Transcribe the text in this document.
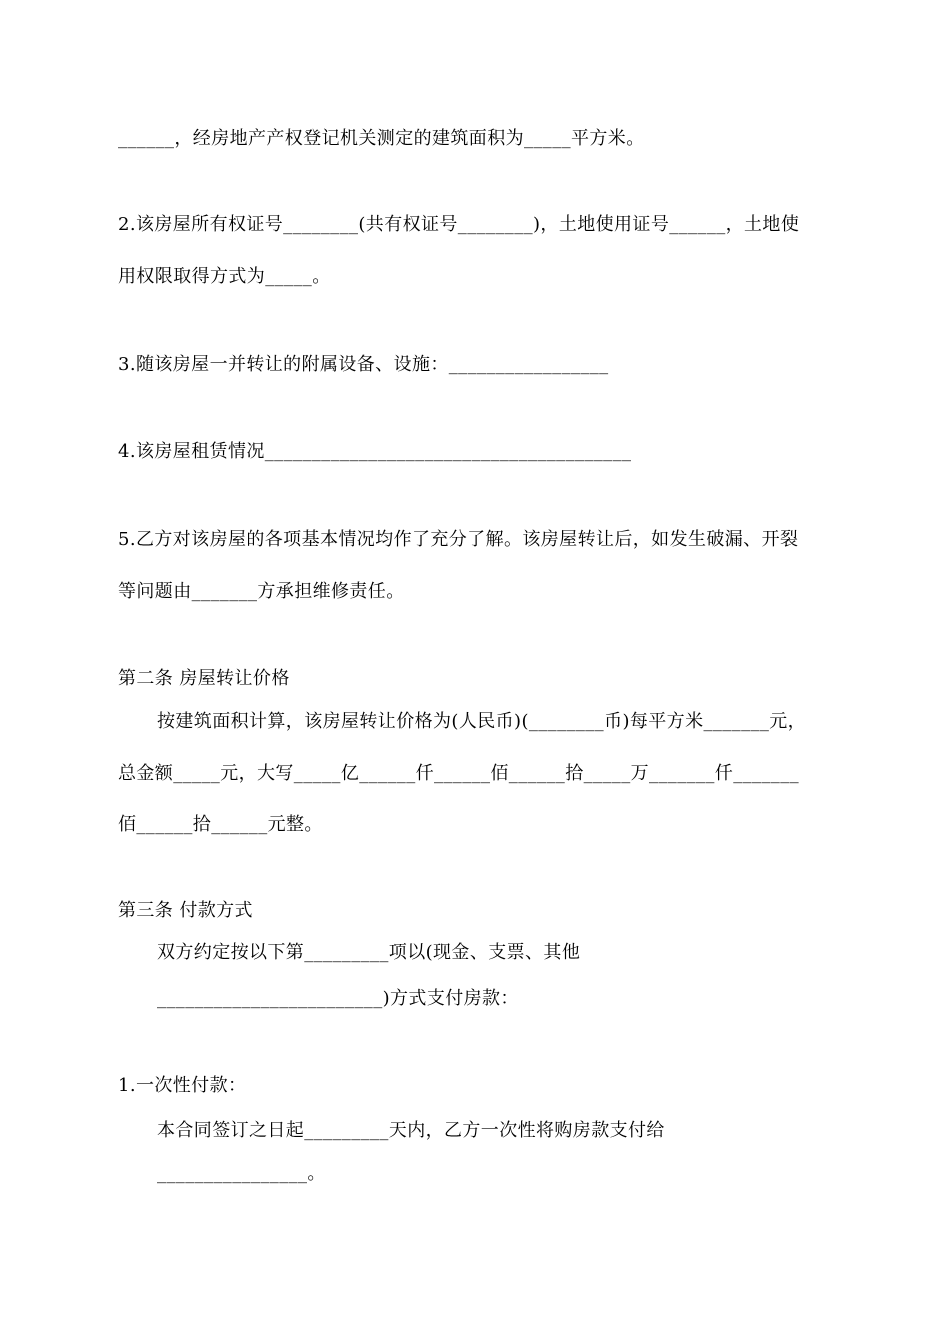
______，经房地产产权登记机关测定的建筑面积为_____平方米。
2.该房屋所有权证号________(共有权证号________)，土地使用证号______，土地使
用权限取得方式为_____。
3.随该房屋一并转让的附属设备、设施：_________________
4.该房屋租赁情况_______________________________________
5.乙方对该房屋的各项基本情况均作了充分了解。该房屋转让后，如发生破漏、开裂
等问题由_______方承担维修责任。
第二条 房屋转让价格
按建筑面积计算，该房屋转让价格为(人民币)(________币)每平方米_______元，
总金额_____元，大写_____亿______仟______佰______拾_____万_______仟_______
佰______拾______元整。
第三条 付款方式
双方约定按以下第_________项以(现金、支票、其他
________________________)方式支付房款：
1.一次性付款：
本合同签订之日起_________天内，乙方一次性将购房款支付给
________________。
